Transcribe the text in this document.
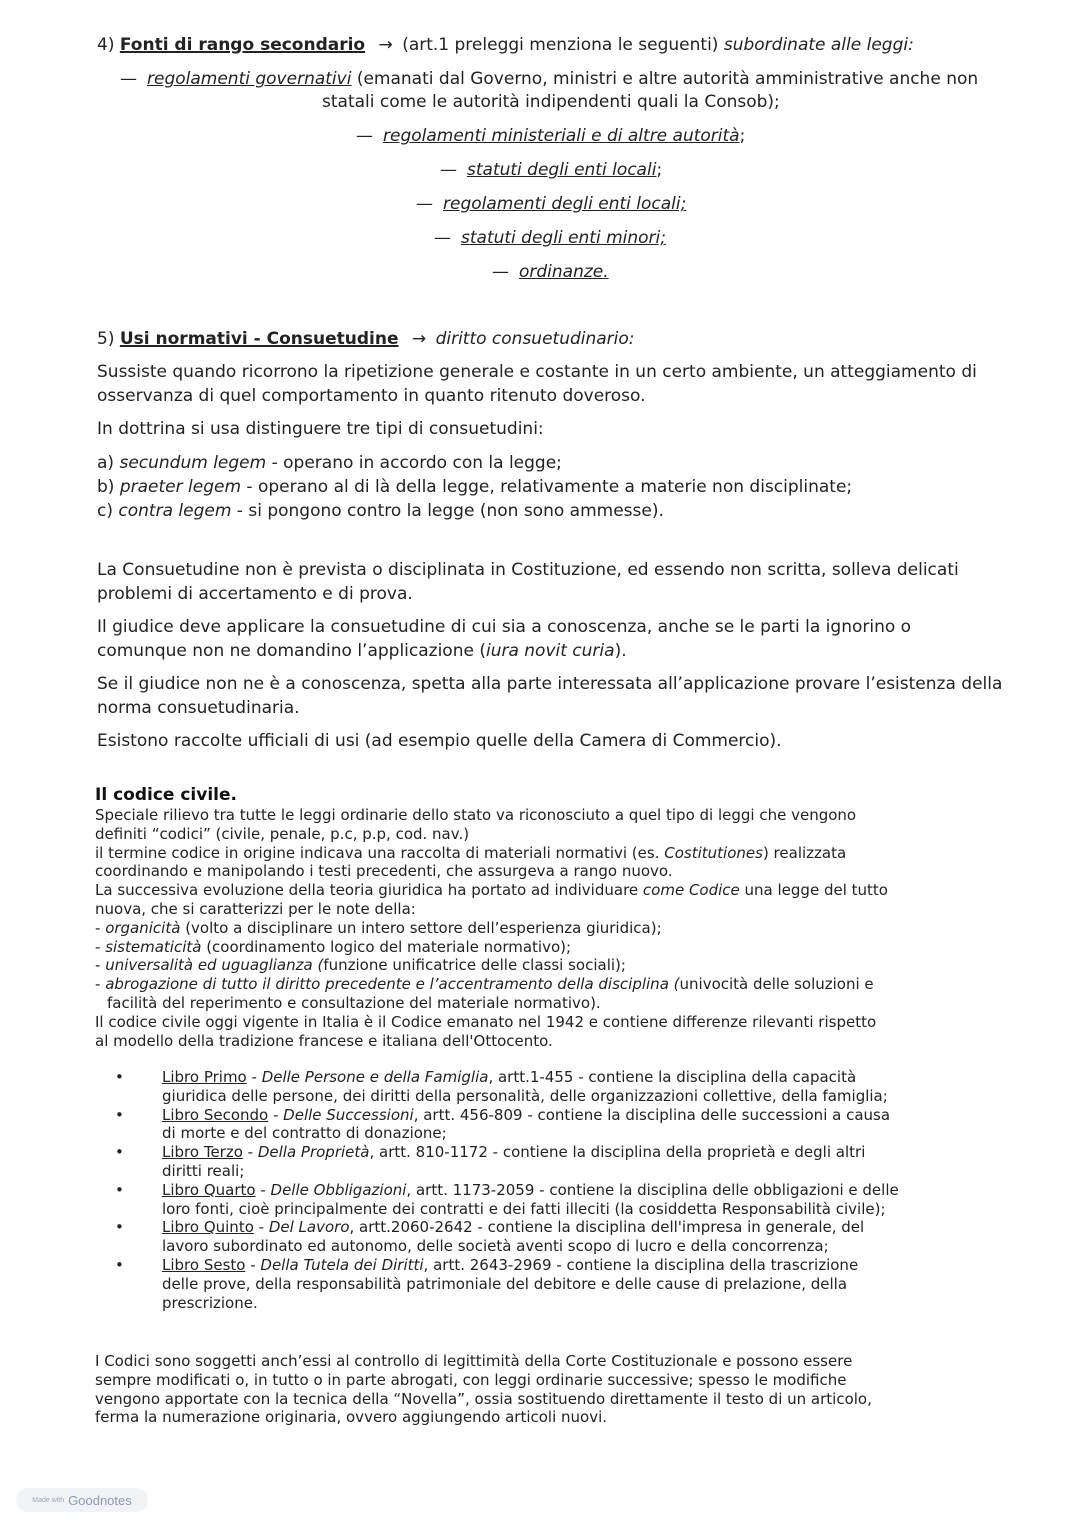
4) Fonti di rango secondario → (art.1 preleggi menziona le seguenti) subordinate alle leggi:
— regolamenti governativi (emanati dal Governo, ministri e altre autorità amministrative anche non
statali come le autorità indipendenti quali la Consob);
— regolamenti ministeriali e di altre autorità;
— statuti degli enti locali;
— regolamenti degli enti locali;
— statuti degli enti minori;
— ordinanze.
5) Usi normativi - Consuetudine → diritto consuetudinario:
Sussiste quando ricorrono la ripetizione generale e costante in un certo ambiente, un atteggiamento di
osservanza di quel comportamento in quanto ritenuto doveroso.
In dottrina si usa distinguere tre tipi di consuetudini:
a) secundum legem - operano in accordo con la legge;
b) praeter legem - operano al di là della legge, relativamente a materie non disciplinate;
c) contra legem - si pongono contro la legge (non sono ammesse).
La Consuetudine non è prevista o disciplinata in Costituzione, ed essendo non scritta, solleva delicati
problemi di accertamento e di prova.
Il giudice deve applicare la consuetudine di cui sia a conoscenza, anche se le parti la ignorino o
comunque non ne domandino l’applicazione (iura novit curia).
Se il giudice non ne è a conoscenza, spetta alla parte interessata all’applicazione provare l’esistenza della
norma consuetudinaria.
Esistono raccolte ufficiali di usi (ad esempio quelle della Camera di Commercio).
Il codice civile.
Speciale rilievo tra tutte le leggi ordinarie dello stato va riconosciuto a quel tipo di leggi che vengono
definiti “codici” (civile, penale, p.c, p.p, cod. nav.)
il termine codice in origine indicava una raccolta di materiali normativi (es. Costitutiones) realizzata
coordinando e manipolando i testi precedenti, che assurgeva a rango nuovo.
La successiva evoluzione della teoria giuridica ha portato ad individuare come Codice una legge del tutto
nuova, che si caratterizzi per le note della:
- organicità (volto a disciplinare un intero settore dell’esperienza giuridica);
- sistematicità (coordinamento logico del materiale normativo);
- universalità ed uguaglianza (funzione unificatrice delle classi sociali);
- abrogazione di tutto il diritto precedente e l’accentramento della disciplina (univocità delle soluzioni e
facilità del reperimento e consultazione del materiale normativo).
Il codice civile oggi vigente in Italia è il Codice emanato nel 1942 e contiene differenze rilevanti rispetto
al modello della tradizione francese e italiana dell'Ottocento.
•	Libro Primo - Delle Persone e della Famiglia, artt.1-455 - contiene la disciplina della capacità
giuridica delle persone, dei diritti della personalità, delle organizzazioni collettive, della famiglia;
•	Libro Secondo - Delle Successioni, artt. 456-809 - contiene la disciplina delle successioni a causa
di morte e del contratto di donazione;
•	Libro Terzo - Della Proprietà, artt. 810-1172 - contiene la disciplina della proprietà e degli altri
diritti reali;
•	Libro Quarto - Delle Obbligazioni, artt. 1173-2059 - contiene la disciplina delle obbligazioni e delle
loro fonti, cioè principalmente dei contratti e dei fatti illeciti (la cosiddetta Responsabilità civile);
•	Libro Quinto - Del Lavoro, artt.2060-2642 - contiene la disciplina dell'impresa in generale, del
lavoro subordinato ed autonomo, delle società aventi scopo di lucro e della concorrenza;
•	Libro Sesto - Della Tutela dei Diritti, artt. 2643-2969 - contiene la disciplina della trascrizione
delle prove, della responsabilità patrimoniale del debitore e delle cause di prelazione, della
prescrizione.
I Codici sono soggetti anch’essi al controllo di legittimità della Corte Costituzionale e possono essere
sempre modificati o, in tutto o in parte abrogati, con leggi ordinarie successive; spesso le modifiche
vengono apportate con la tecnica della “Novella”, ossia sostituendo direttamente il testo di un articolo,
ferma la numerazione originaria, ovvero aggiungendo articoli nuovi.
Made with Goodnotes
